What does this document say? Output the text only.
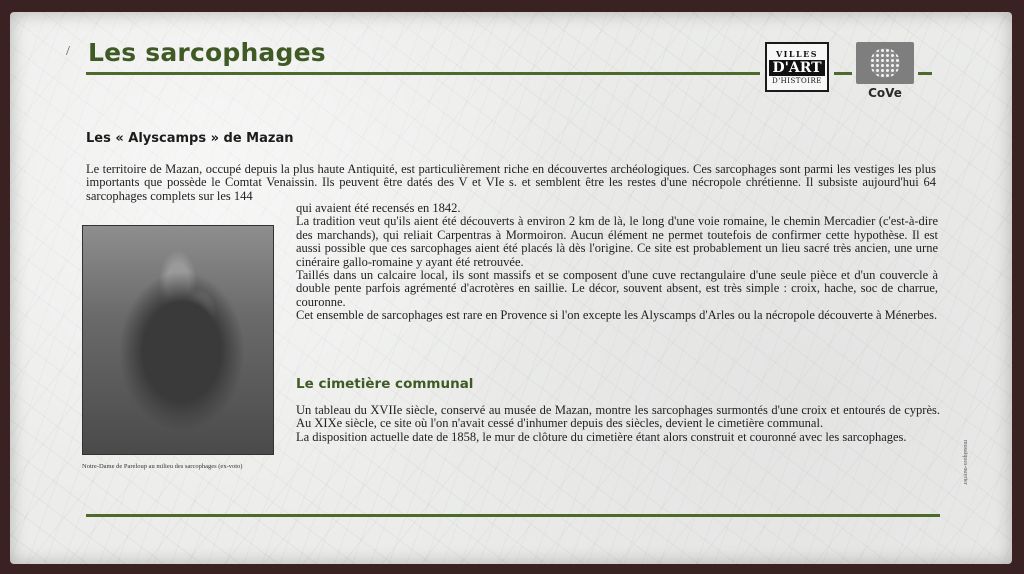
/ Les sarcophages	VILLES
D'ART
D'HISTOIRE
CoVe
Les « Alyscamps » de Mazan

Le territoire de Mazan, occupé depuis la plus haute Antiquité, est particulièrement riche en découvertes archéologiques. Ces sarcophages sont parmi les vestiges les plus importants que possède le Comtat Venaissin. Ils peuvent être datés des V et VIe s. et semblent être les restes d'une nécropole chrétienne. Il subsiste aujourd'hui 64 sarcophages complets sur les 144

Notre-Dame de Pareloup au milieu des sarcophages (ex-voto)

qui avaient été recensés en 1842.

La tradition veut qu'ils aient été découverts à environ 2 km de là, le long d'une voie romaine, le chemin Mercadier (c'est-à-dire des marchands), qui reliait Carpentras à Mormoiron. Aucun élément ne permet toutefois de confirmer cette hypothèse. Il est aussi possible que ces sarcophages aient été placés là dès l'origine. Ce site est probablement un lieu sacré très ancien, une urne cinéraire gallo-romaine y ayant été retrouvée.

Taillés dans un calcaire local, ils sont massifs et se composent d'une cuve rectangulaire d'une seule pièce et d'un couvercle à double pente parfois agrémenté d'acrotères en saillie. Le décor, souvent absent, est très simple : croix, hache, soc de charrue, couronne.

Cet ensemble de sarcophages est rare en Provence si l'on excepte les Alyscamps d'Arles ou la nécropole découverte à Ménerbes.

Le cimetière communal

Un tableau du XVIIe siècle, conservé au musée de Mazan, montre les sarcophages surmontés d'une croix et entourés de cyprès. Au XIXe siècle, ce site où l'on n'avait cessé d'inhumer depuis des siècles, devient le cimetière communal.

La disposition actuelle date de 1858, le mur de clôture du cimetière étant alors construit et couronné avec les sarcophages.

mosaïques-ouvrier
